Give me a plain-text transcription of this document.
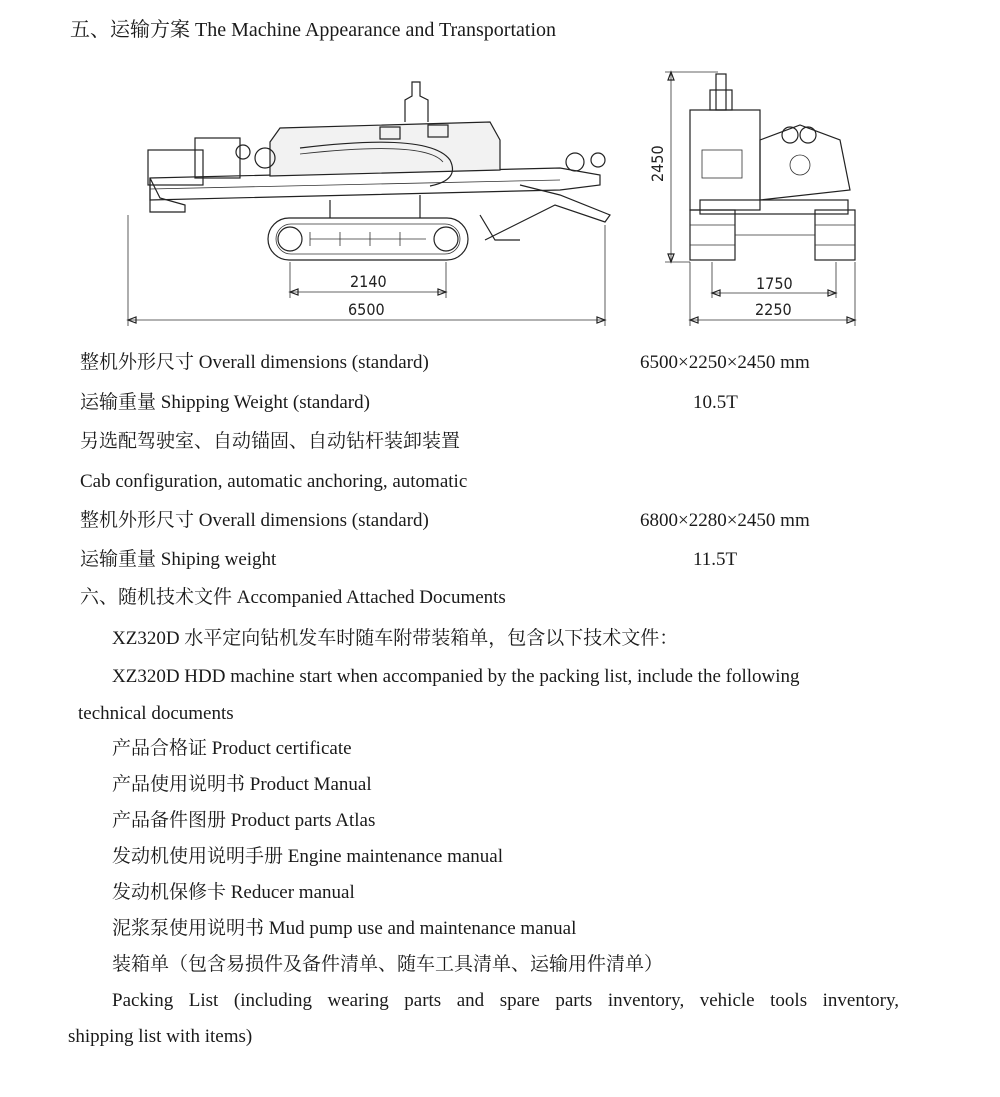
五、运输方案 The Machine Appearance and Transportation
2140
6500
2450
1750
2250
整机外形尺寸 Overall dimensions (standard)	6500×2250×2450 mm
运输重量 Shipping Weight (standard)	10.5T
另选配驾驶室、自动锚固、自动钻杆装卸装置
Cab configuration, automatic anchoring, automatic
整机外形尺寸 Overall dimensions (standard)	6800×2280×2450 mm
运输重量 Shiping weight	11.5T
六、随机技术文件 Accompanied Attached Documents
XZ320D 水平定向钻机发车时随车附带装箱单，包含以下技术文件：
XZ320D HDD machine start when accompanied by the packing list, include the following
technical documents
产品合格证 Product certificate
产品使用说明书 Product Manual
产品备件图册 Product parts Atlas
发动机使用说明手册 Engine maintenance manual
发动机保修卡 Reducer manual
泥浆泵使用说明书 Mud pump use and maintenance manual
装箱单（包含易损件及备件清单、随车工具清单、运输用件清单）
Packing List (including wearing parts and spare parts inventory, vehicle tools inventory,
shipping list with items)
